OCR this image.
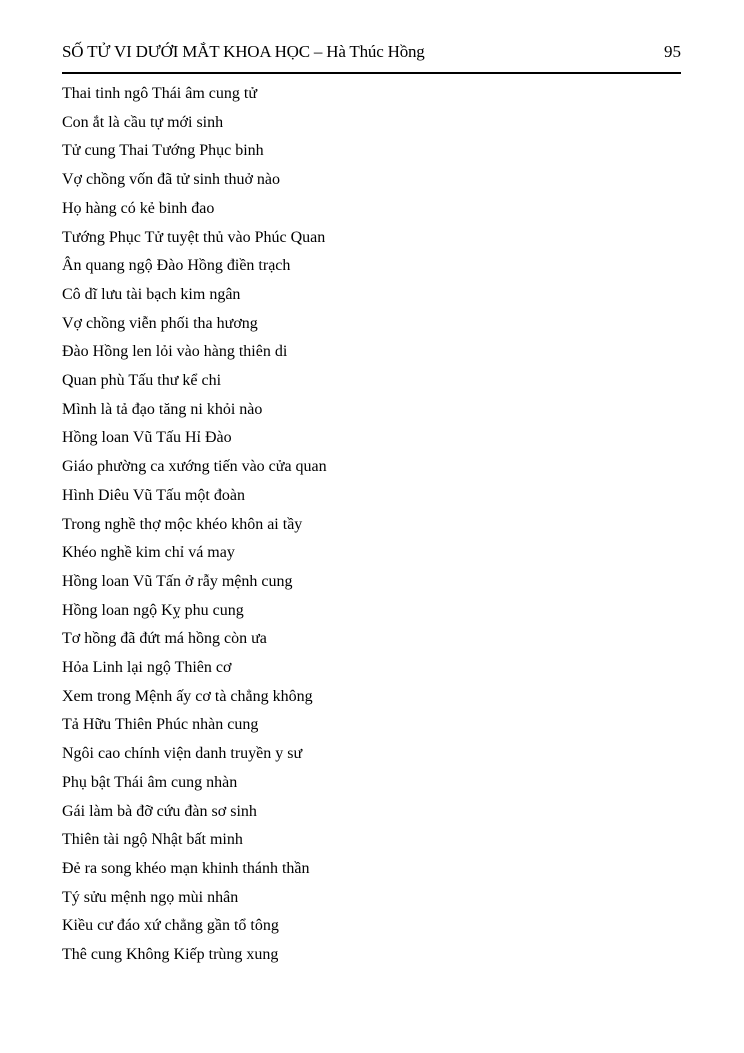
SỐ TỬ VI DƯỚI MẮT KHOA HỌC – Hà Thúc Hồng	95

Thai tinh ngô Thái âm cung tử

Con ắt là cầu tự mới sinh

Tử cung Thai Tướng Phục binh

Vợ chồng vốn đã tử sinh thuở nào

Họ hàng có kẻ binh đao

Tướng Phục Tử tuyệt thủ vào Phúc Quan

Ân quang ngộ Đào Hồng điền trạch

Cô dĩ lưu tài bạch kim ngân

Vợ chồng viễn phối tha hương

Đào Hồng len lỏi vào hàng thiên di

Quan phù Tấu thư kể chi

Mình là tả đạo tăng ni khỏi nào

Hồng loan Vũ Tấu Hỉ Đào

Giáo phường ca xướng tiến vào cửa quan

Hình Diêu Vũ Tấu một đoàn

Trong nghề thợ mộc khéo khôn ai tầy

Khéo nghề kim chỉ vá may

Hồng loan Vũ Tấn ở rẫy mệnh cung

Hồng loan ngộ Kỵ phu cung

Tơ hồng đã đứt má hồng còn ưa

Hỏa Linh lại ngộ Thiên cơ

Xem trong Mệnh ấy cơ tà chẳng không

Tả Hữu Thiên Phúc nhàn cung

Ngôi cao chính viện danh truyền y sư

Phụ bật Thái âm cung nhàn

Gái làm bà đỡ cứu đàn sơ sinh

Thiên tài ngộ Nhật bất minh

Đẻ ra song khéo mạn khinh thánh thần

Tý sửu mệnh ngọ mùi nhân

Kiều cư đáo xứ chẳng gần tổ tông

Thê cung Không Kiếp trùng xung
